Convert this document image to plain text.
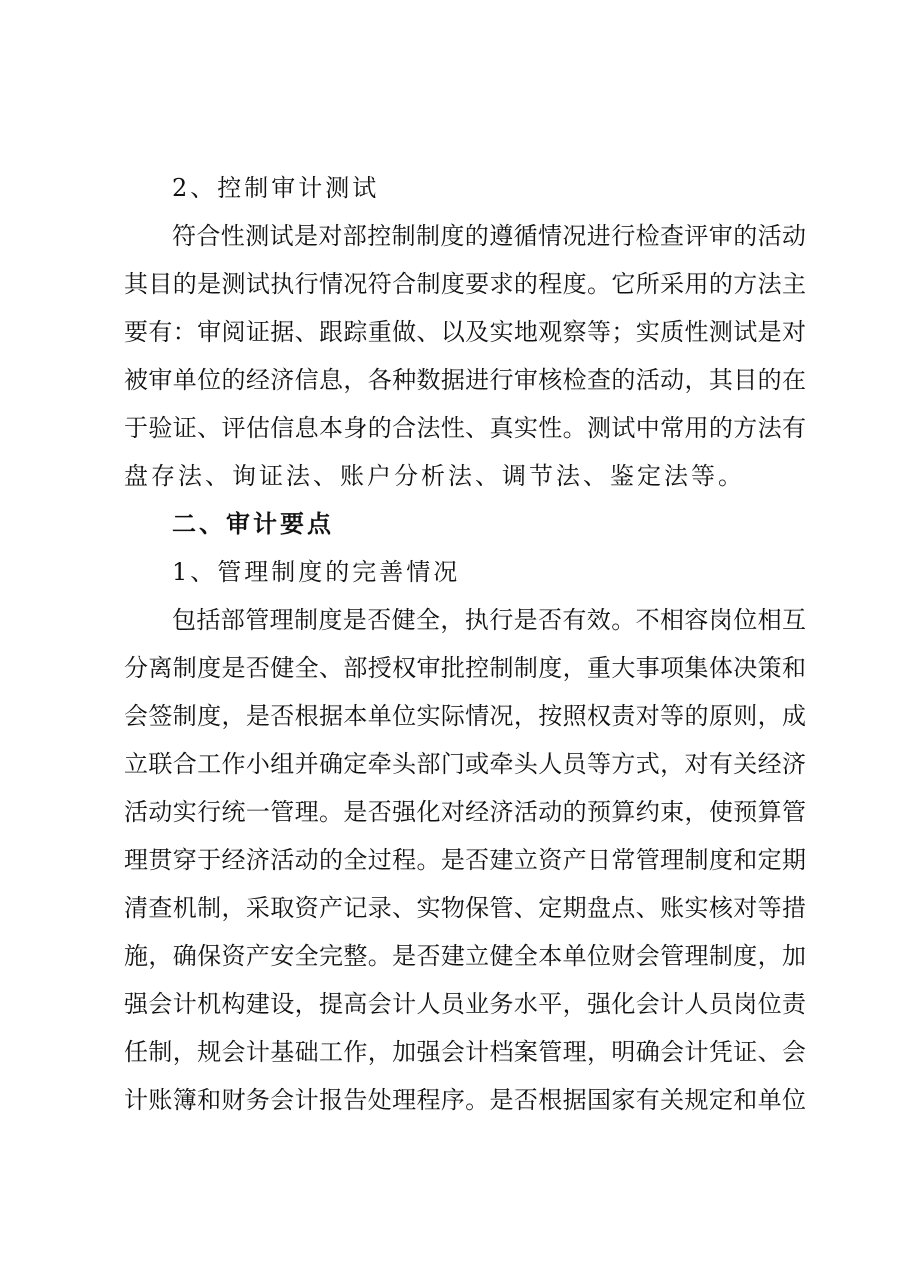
2、控制审计测试
符合性测试是对部控制制度的遵循情况进行检查评审的活动
其目的是测试执行情况符合制度要求的程度。它所采用的方法主
要有：审阅证据、跟踪重做、以及实地观察等；实质性测试是对
被审单位的经济信息，各种数据进行审核检查的活动，其目的在
于验证、评估信息本身的合法性、真实性。测试中常用的方法有
盘存法、询证法、账户分析法、调节法、鉴定法等。
二、审计要点
1、管理制度的完善情况
包括部管理制度是否健全，执行是否有效。不相容岗位相互
分离制度是否健全、部授权审批控制制度，重大事项集体决策和
会签制度，是否根据本单位实际情况，按照权责对等的原则，成
立联合工作小组并确定牵头部门或牵头人员等方式，对有关经济
活动实行统一管理。是否强化对经济活动的预算约束，使预算管
理贯穿于经济活动的全过程。是否建立资产日常管理制度和定期
清查机制，采取资产记录、实物保管、定期盘点、账实核对等措
施，确保资产安全完整。是否建立健全本单位财会管理制度，加
强会计机构建设，提高会计人员业务水平，强化会计人员岗位责
任制，规会计基础工作，加强会计档案管理，明确会计凭证、会
计账簿和财务会计报告处理程序。是否根据国家有关规定和单位
